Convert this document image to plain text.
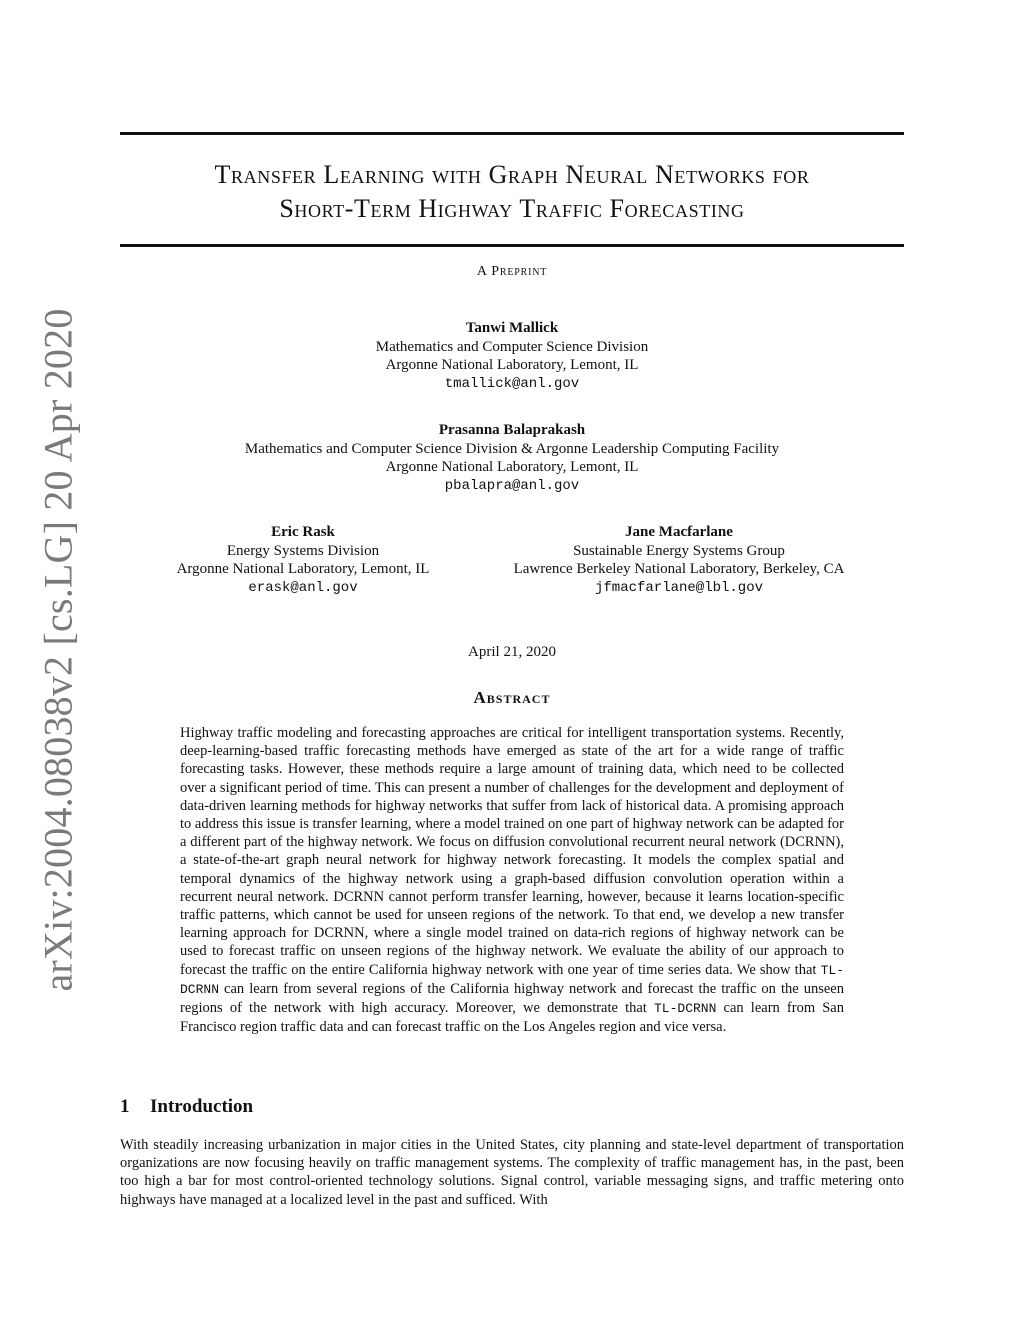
arXiv:2004.08038v2 [cs.LG] 20 Apr 2020
Transfer Learning with Graph Neural Networks for
Short-Term Highway Traffic Forecasting
A Preprint
Tanwi Mallick
Mathematics and Computer Science Division
Argonne National Laboratory, Lemont, IL
tmallick@anl.gov
Prasanna Balaprakash
Mathematics and Computer Science Division & Argonne Leadership Computing Facility
Argonne National Laboratory, Lemont, IL
pbalapra@anl.gov
Eric Rask
Energy Systems Division
Argonne National Laboratory, Lemont, IL
erask@anl.gov
Jane Macfarlane
Sustainable Energy Systems Group
Lawrence Berkeley National Laboratory, Berkeley, CA
jfmacfarlane@lbl.gov
April 21, 2020
Abstract

Highway traffic modeling and forecasting approaches are critical for intelligent transportation systems. Recently, deep-learning-based traffic forecasting methods have emerged as state of the art for a wide range of traffic forecasting tasks. However, these methods require a large amount of training data, which need to be collected over a significant period of time. This can present a number of challenges for the development and deployment of data-driven learning methods for highway networks that suffer from lack of historical data. A promising approach to address this issue is transfer learning, where a model trained on one part of highway network can be adapted for a different part of the highway network. We focus on diffusion convolutional recurrent neural network (DCRNN), a state-of-the-art graph neural network for highway network forecasting. It models the complex spatial and temporal dynamics of the highway network using a graph-based diffusion convolution operation within a recurrent neural network. DCRNN cannot perform transfer learning, however, because it learns location-specific traffic patterns, which cannot be used for unseen regions of the network. To that end, we develop a new transfer learning approach for DCRNN, where a single model trained on data-rich regions of highway network can be used to forecast traffic on unseen regions of the highway network. We evaluate the ability of our approach to forecast the traffic on the entire California highway network with one year of time series data. We show that TL-DCRNN can learn from several regions of the California highway network and forecast the traffic on the unseen regions of the network with high accuracy. Moreover, we demonstrate that TL-DCRNN can learn from San Francisco region traffic data and can forecast traffic on the Los Angeles region and vice versa.

1 Introduction

With steadily increasing urbanization in major cities in the United States, city planning and state-level department of transportation organizations are now focusing heavily on traffic management systems. The complexity of traffic management has, in the past, been too high a bar for most control-oriented technology solutions. Signal control, variable messaging signs, and traffic metering onto highways have managed at a localized level in the past and sufficed. With
